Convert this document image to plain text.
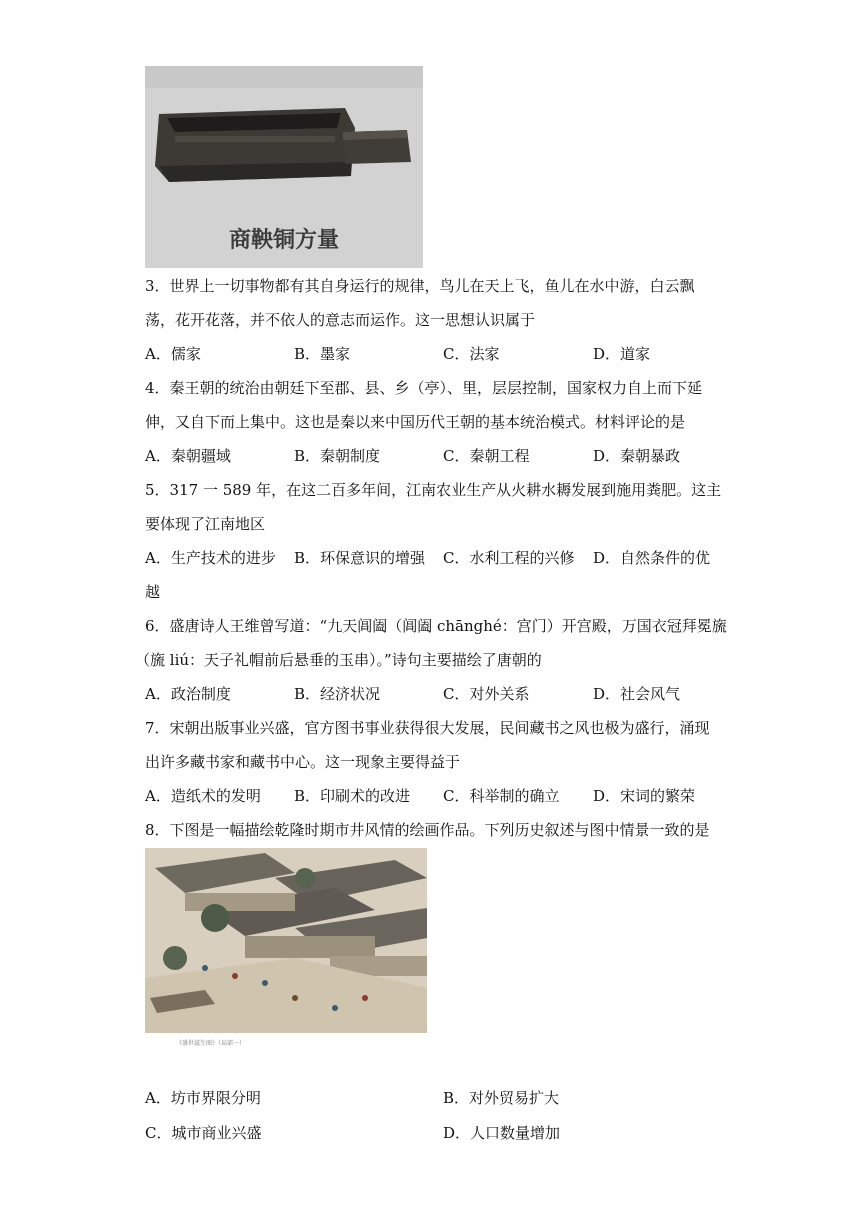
商鞅铜方量
3．世界上一切事物都有其自身运行的规律，鸟儿在天上飞，鱼儿在水中游，白云飘
荡，花开花落，并不依人的意志而运作。这一思想认识属于
A．儒家	B．墨家	C．法家	D．道家
4．秦王朝的统治由朝廷下至郡、县、乡（亭）、里，层层控制，国家权力自上而下延
伸，又自下而上集中。这也是秦以来中国历代王朝的基本统治模式。材料评论的是
A．秦朝疆域	B．秦朝制度	C．秦朝工程	D．秦朝暴政
5．317 一 589 年，在这二百多年间，江南农业生产从火耕水耨发展到施用粪肥。这主
要体现了江南地区
A．生产技术的进步 B．环保意识的增强 C．水利工程的兴修 D．自然条件的优
越
6．盛唐诗人王维曾写道：“九天阊阖（阊阖 chānghé：宫门）开宫殿，万国衣冠拜冕旒
（旒 liú：天子礼帽前后悬垂的玉串）。”诗句主要描绘了唐朝的
A．政治制度	B．经济状况	C．对外关系	D．社会风气
7．宋朝出版事业兴盛，官方图书事业获得很大发展，民间藏书之风也极为盛行，涌现
出许多藏书家和藏书中心。这一现象主要得益于
A．造纸术的发明 B．印刷术的改进 C．科举制的确立 D．宋词的繁荣
8．下图是一幅描绘乾隆时期市井风情的绘画作品。下列历史叙述与图中情景一致的是
《盛世滋生图》（局部一）
A．坊市界限分明	B．对外贸易扩大
C．城市商业兴盛	D．人口数量增加
